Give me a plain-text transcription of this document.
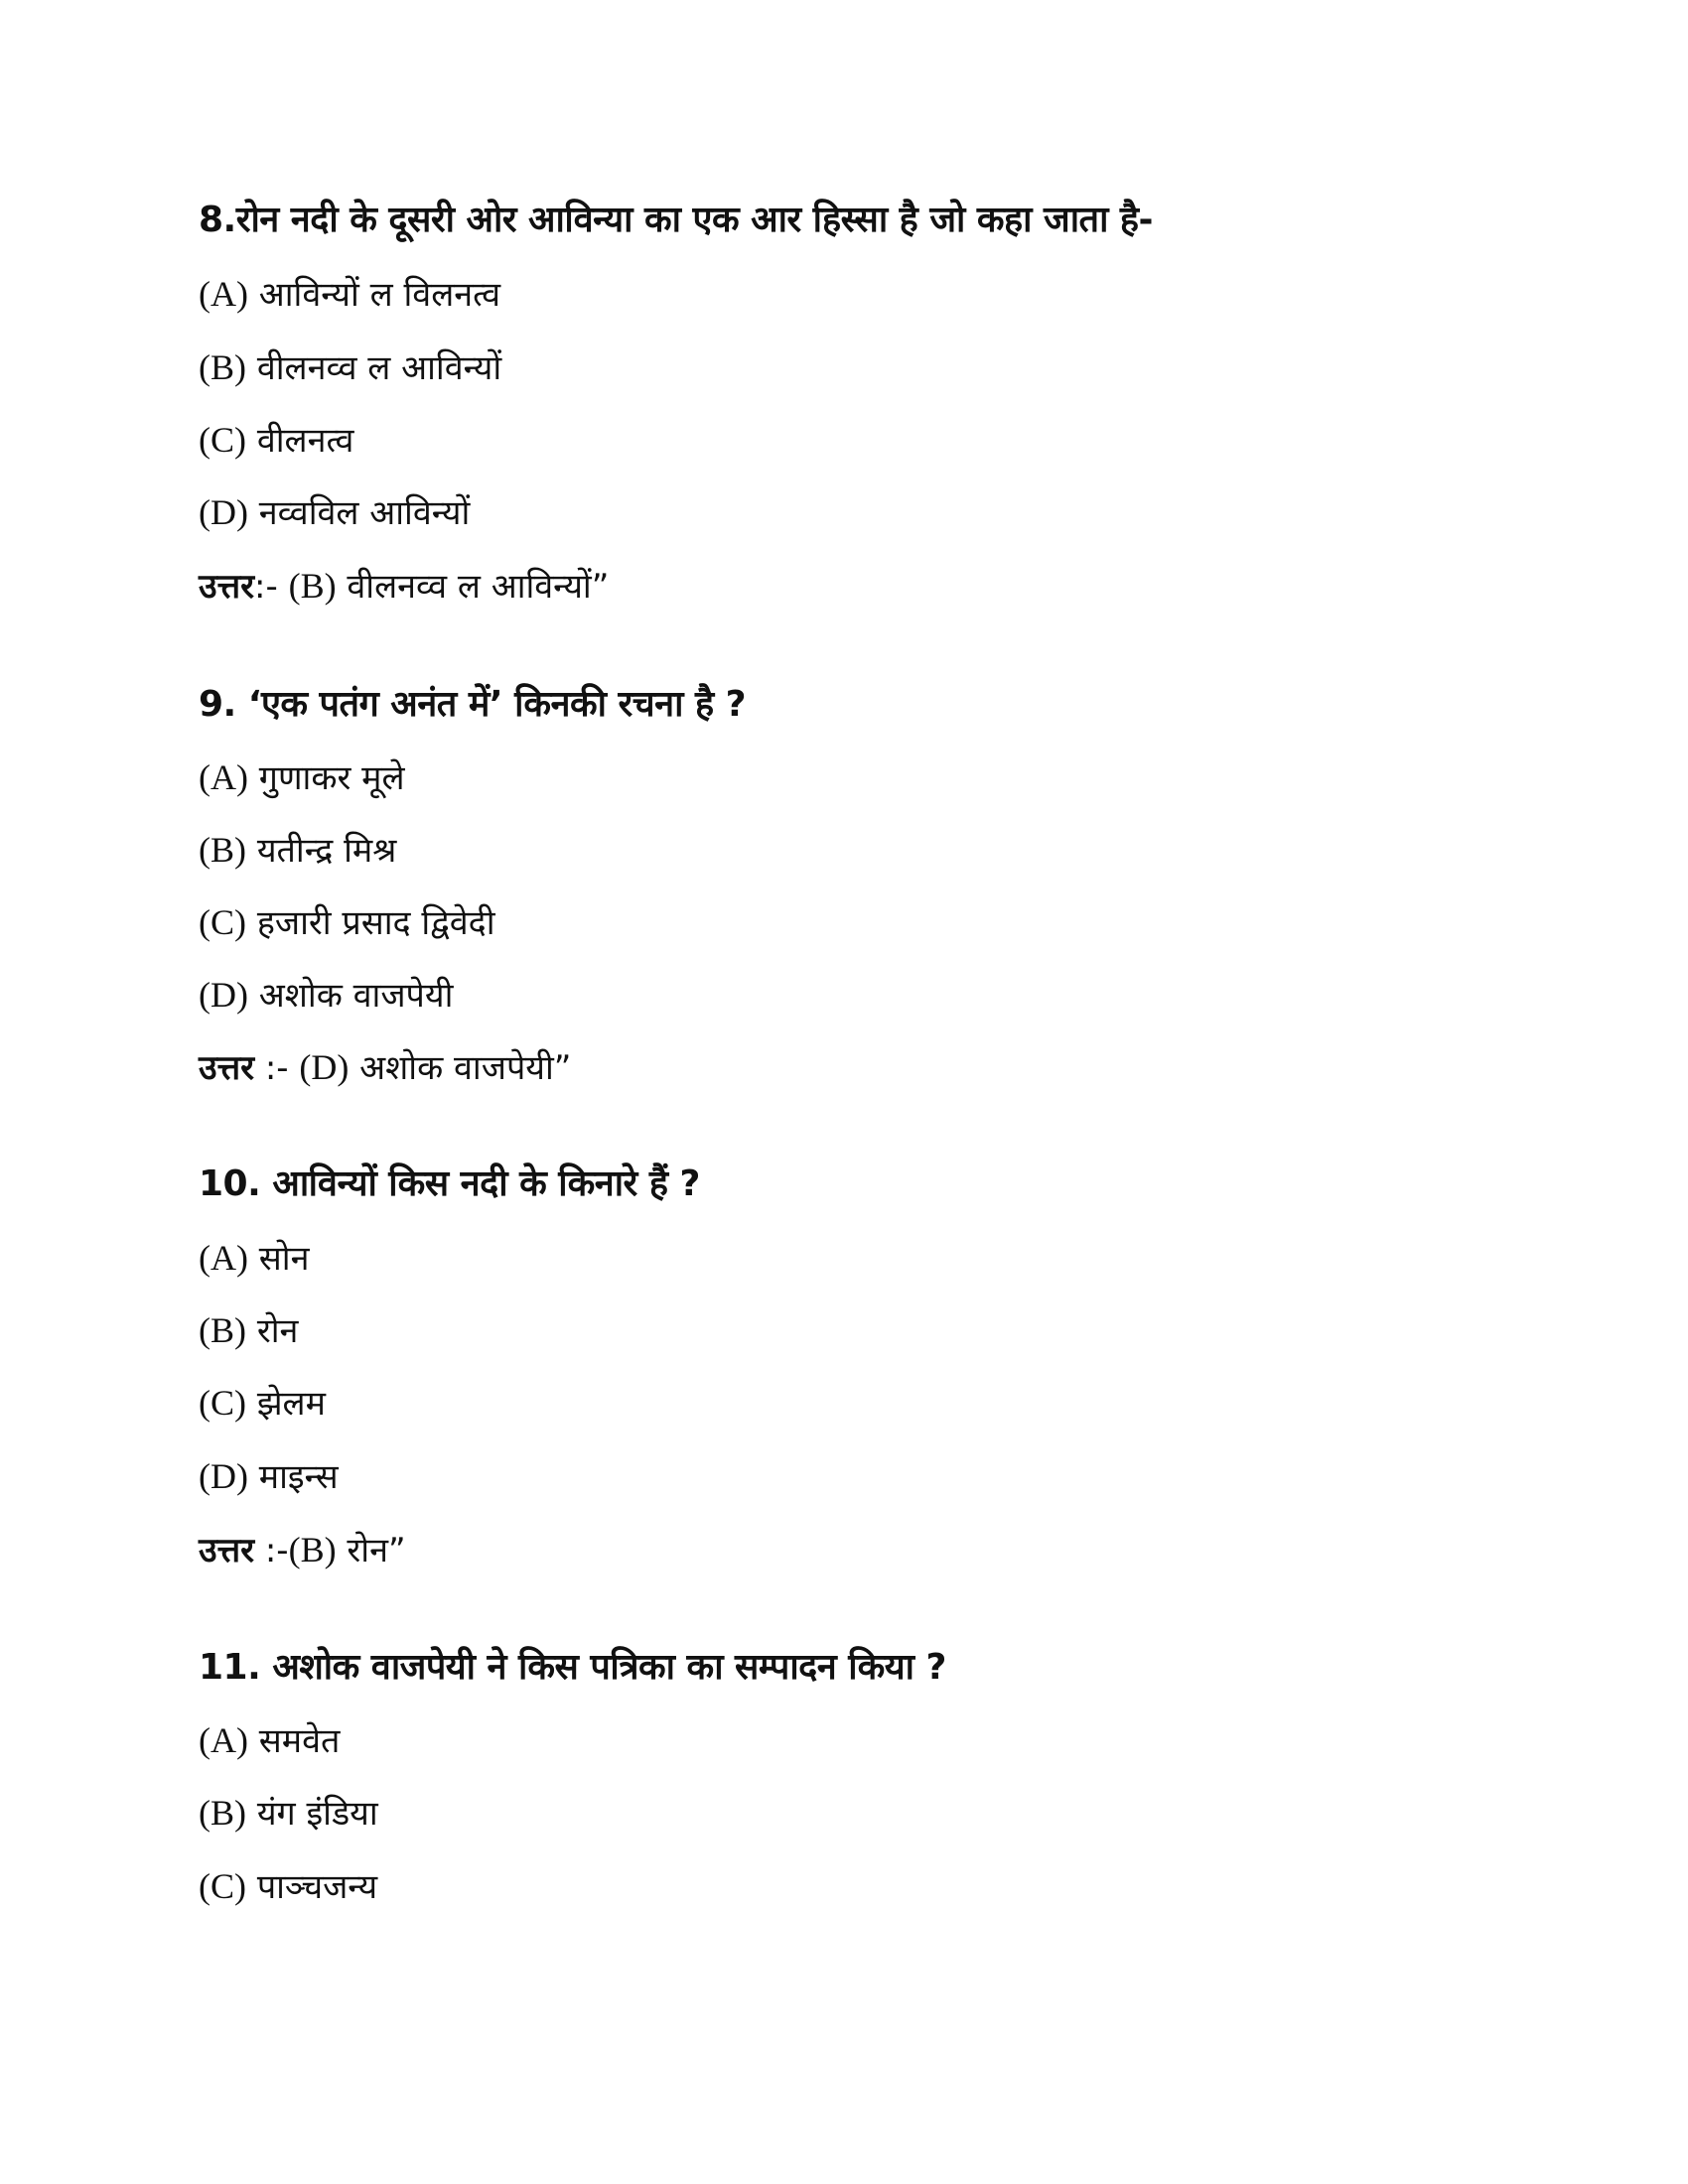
8.रोन नदी के दूसरी ओर आविन्या का एक आर हिस्सा है जो कहा जाता है-
(A) आविन्यों ल विलनत्व
(B) वीलनव्व ल आविन्यों
(C) वीलनत्व
(D) नव्वविल आविन्यों
उत्तर:- (B) वीलनव्व ल आविन्यों”
9. ‘एक पतंग अनंत में’ किनकी रचना है ?
(A) गुणाकर मूले
(B) यतीन्द्र मिश्र
(C) हजारी प्रसाद द्विवेदी
(D) अशोक वाजपेयी
उत्तर :- (D) अशोक वाजपेयी”
10. आविन्यों किस नदी के किनारे हैं ?
(A) सोन
(B) रोन
(C) झेलम
(D) माइन्स
उत्तर :-(B) रोन”
11. अशोक वाजपेयी ने किस पत्रिका का सम्पादन किया ?
(A) समवेत
(B) यंग इंडिया
(C) पाञ्चजन्य
